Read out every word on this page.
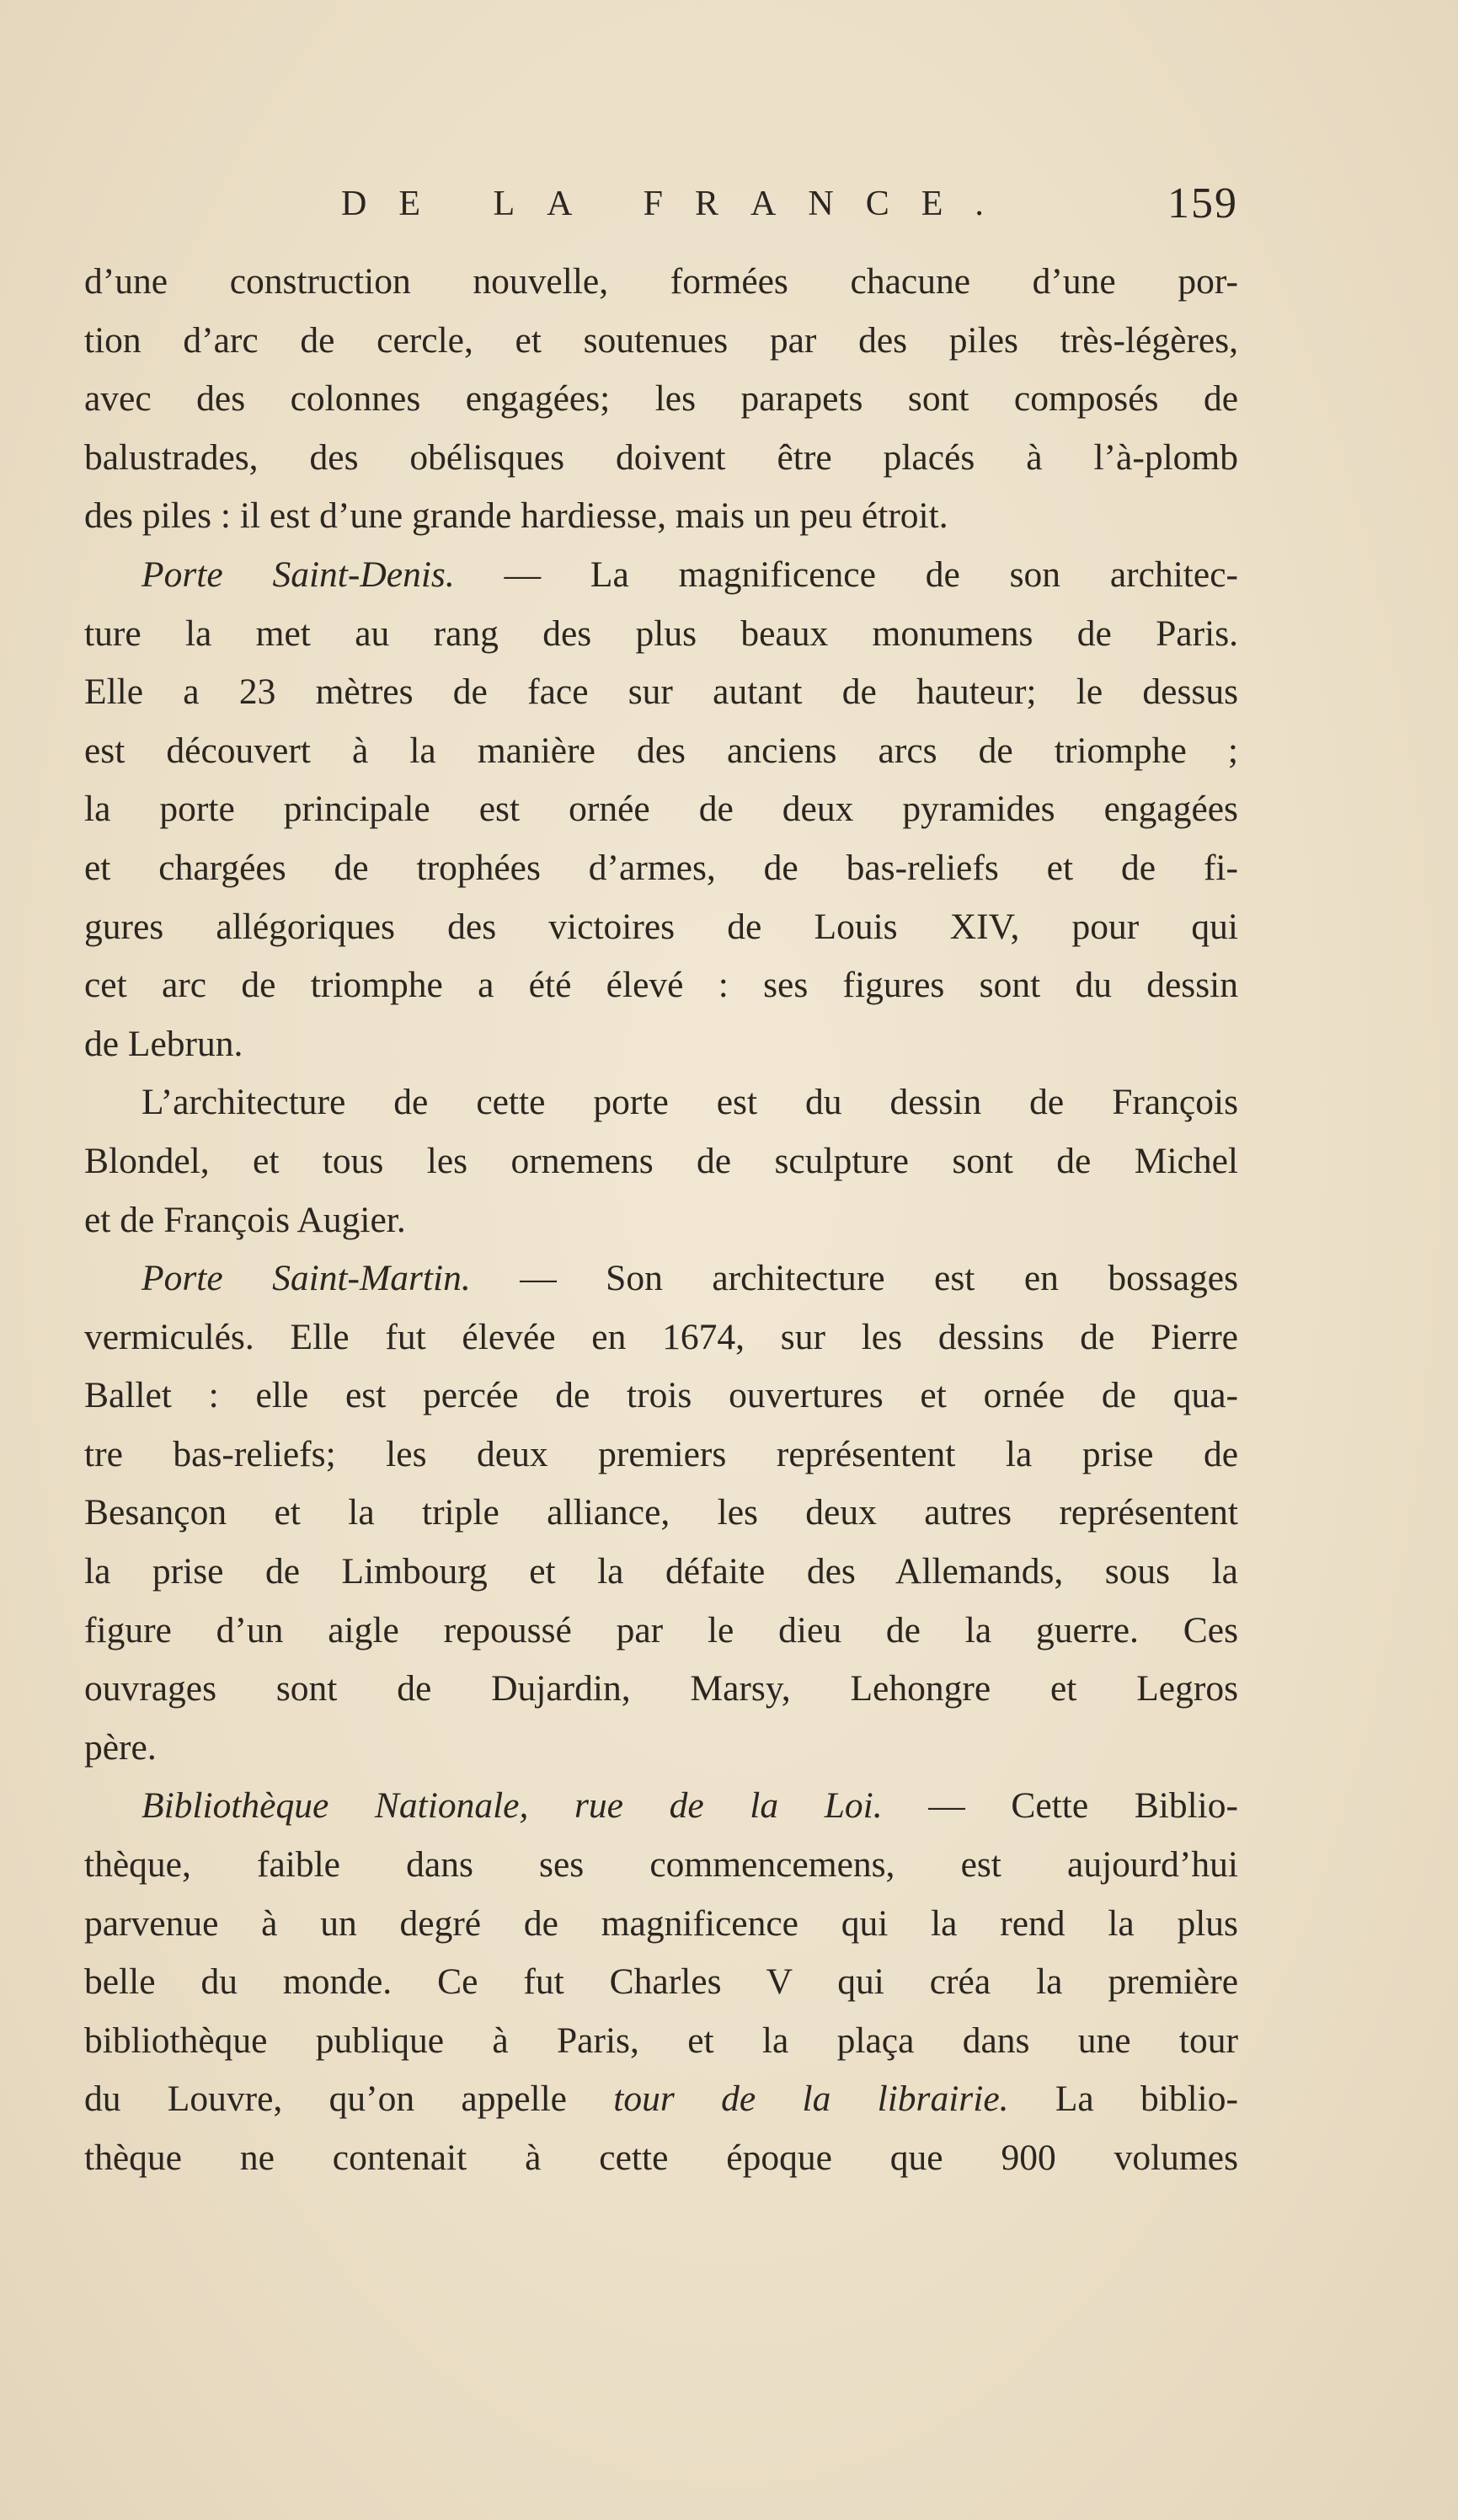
DE LA FRANCE.	159
d’une construction nouvelle, formées chacune d’une por-
tion d’arc de cercle, et soutenues par des piles très-légères,
avec des colonnes engagées; les parapets sont composés de
balustrades, des obélisques doivent être placés à l’à-plomb
des piles : il est d’une grande hardiesse, mais un peu étroit.
Porte Saint-Denis. — La magnificence de son architec-
ture la met au rang des plus beaux monumens de Paris.
Elle a 23 mètres de face sur autant de hauteur; le dessus
est découvert à la manière des anciens arcs de triomphe ;
la porte principale est ornée de deux pyramides engagées
et chargées de trophées d’armes, de bas-reliefs et de fi-
gures allégoriques des victoires de Louis XIV, pour qui
cet arc de triomphe a été élevé : ses figures sont du dessin
de Lebrun.
L’architecture de cette porte est du dessin de François
Blondel, et tous les ornemens de sculpture sont de Michel
et de François Augier.
Porte Saint-Martin. — Son architecture est en bossages
vermiculés. Elle fut élevée en 1674, sur les dessins de Pierre
Ballet : elle est percée de trois ouvertures et ornée de qua-
tre bas-reliefs; les deux premiers représentent la prise de
Besançon et la triple alliance, les deux autres représentent
la prise de Limbourg et la défaite des Allemands, sous la
figure d’un aigle repoussé par le dieu de la guerre. Ces
ouvrages sont de Dujardin, Marsy, Lehongre et Legros
père.
Bibliothèque Nationale, rue de la Loi. — Cette Biblio-
thèque, faible dans ses commencemens, est aujourd’hui
parvenue à un degré de magnificence qui la rend la plus
belle du monde. Ce fut Charles V qui créa la première
bibliothèque publique à Paris, et la plaça dans une tour
du Louvre, qu’on appelle tour de la librairie. La biblio-
thèque ne contenait à cette époque que 900 volumes
